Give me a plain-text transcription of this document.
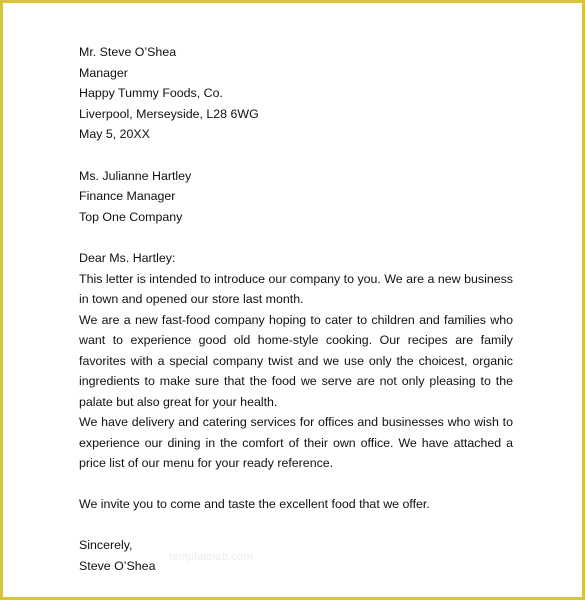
Mr. Steve O’Shea
Manager
Happy Tummy Foods, Co.
Liverpool, Merseyside, L28 6WG
May 5, 20XX
Ms. Julianne Hartley
Finance Manager
Top One Company
Dear Ms. Hartley:
This letter is intended to introduce our company to you. We are a new business in town and opened our store last month.
We are a new fast-food company hoping to cater to children and families who want to experience good old home-style cooking. Our recipes are family favorites with a special company twist and we use only the choicest, organic ingredients to make sure that the food we serve are not only pleasing to the palate but also great for your health.
We have delivery and catering services for offices and businesses who wish to experience our dining in the comfort of their own office. We have attached a price list of our menu for your ready reference.
We invite you to come and taste the excellent food that we offer.
Sincerely,
Steve O’Shea
templatelab.com
